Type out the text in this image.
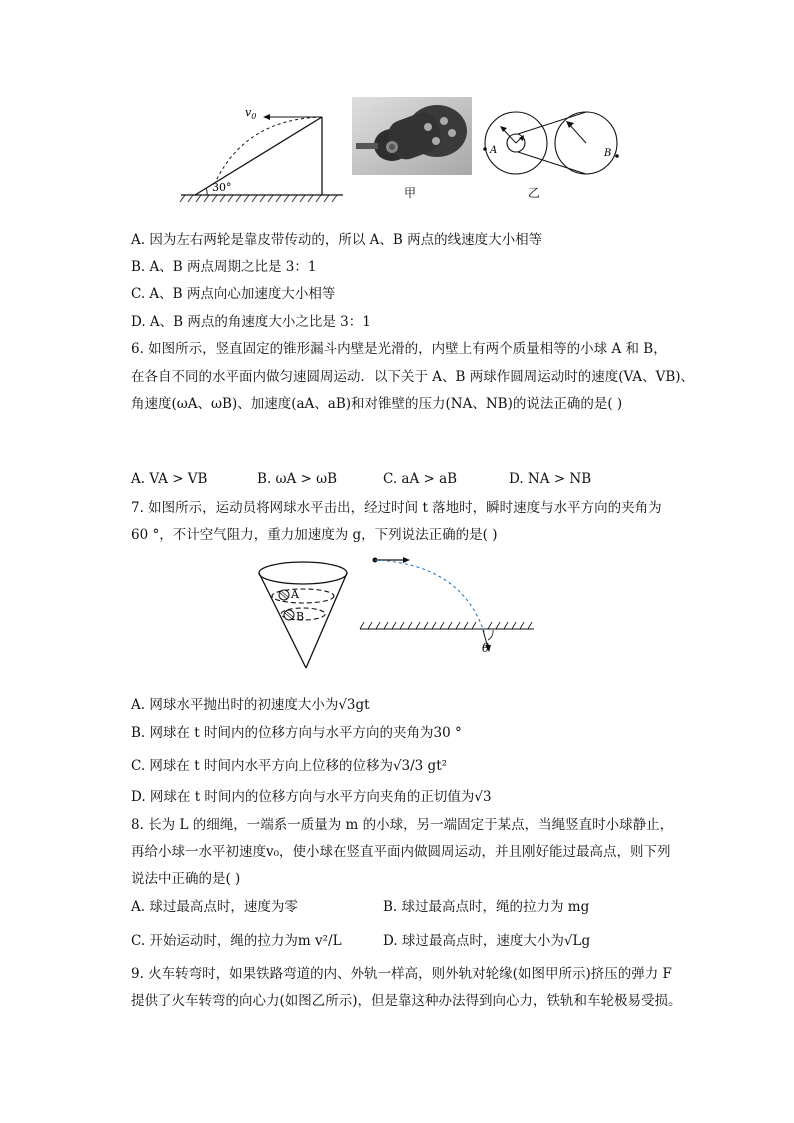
$v_0$
30°	甲
A	B
乙
A. 因为左右两轮是靠皮带传动的，所以 A、B 两点的线速度大小相等
B. A、B 两点周期之比是 3：1
C. A、B 两点向心加速度大小相等
D. A、B 两点的角速度大小之比是 3：1
6. 如图所示，竖直固定的锥形漏斗内壁是光滑的，内壁上有两个质量相等的小球 A 和 B，
在各自不同的水平面内做匀速圆周运动．以下关于 A、B 两球作圆周运动时的速度(VA、VB)、
角速度(ωA、ωB)、加速度(aA、aB)和对锥壁的压力(NA、NB)的说法正确的是( )
A. VA > VB	B. ωA > ωB	C. aA > aB	D. NA > NB
7. 如图所示，运动员将网球水平击出，经过时间 t 落地时，瞬时速度与水平方向的夹角为
60 °，不计空气阻力，重力加速度为 g，下列说法正确的是( )
A
B
θ
A. 网球水平抛出时的初速度大小为√3gt
B. 网球在 t 时间内的位移方向与水平方向的夹角为30 °
C. 网球在 t 时间内水平方向上位移的位移为√3/3 gt²
D. 网球在 t 时间内的位移方向与水平方向夹角的正切值为√3
8. 长为 L 的细绳，一端系一质量为 m 的小球，另一端固定于某点，当绳竖直时小球静止，
再给小球一水平初速度v₀，使小球在竖直平面内做圆周运动，并且刚好能过最高点，则下列
说法中正确的是( )
A. 球过最高点时，速度为零	B. 球过最高点时，绳的拉力为 mg
C. 开始运动时，绳的拉力为m v²/L	D. 球过最高点时，速度大小为√Lg
9. 火车转弯时，如果铁路弯道的内、外轨一样高，则外轨对轮缘(如图甲所示)挤压的弹力 F
提供了火车转弯的向心力(如图乙所示)，但是靠这种办法得到向心力，铁轨和车轮极易受损。
